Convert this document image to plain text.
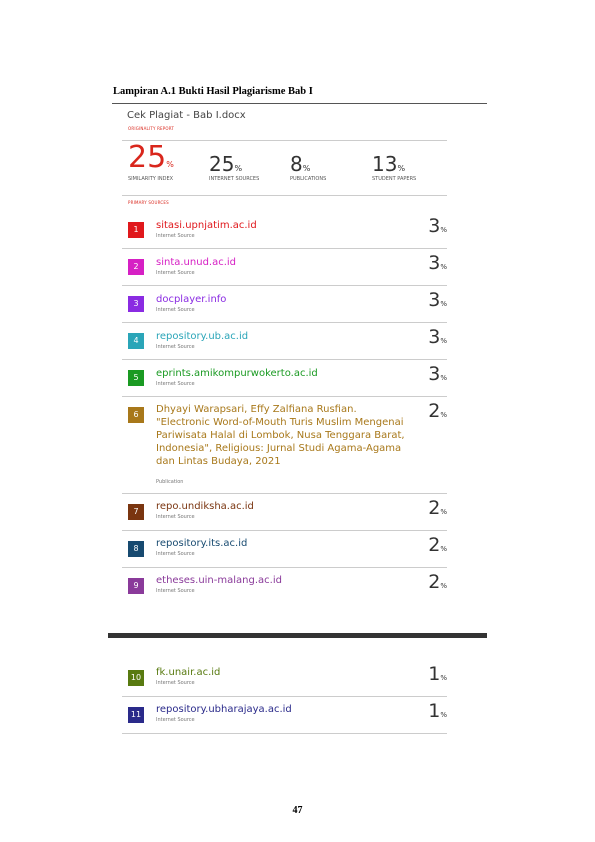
Lampiran A.1 Bukti Hasil Plagiarisme Bab I
Cek Plagiat - Bab I.docx
ORIGINALITY REPORT
25%
SIMILARITY INDEX
25%
INTERNET SOURCES
8%
PUBLICATIONS
13%
STUDENT PAPERS
PRIMARY SOURCES
1	sitasi.upnjatim.ac.id
Internet Source	3%
2	sinta.unud.ac.id
Internet Source	3%
3	docplayer.info
Internet Source	3%
4	repository.ub.ac.id
Internet Source	3%
5	eprints.amikompurwokerto.ac.id
Internet Source	3%
6	Dhyayi Warapsari, Effy Zalfiana Rusfian. "Electronic Word-of-Mouth Turis Muslim Mengenai Pariwisata Halal di Lombok, Nusa Tenggara Barat, Indonesia", Religious: Jurnal Studi Agama-Agama dan Lintas Budaya, 2021
Publication
2%
7	repo.undiksha.ac.id
Internet Source	2%
8	repository.its.ac.id
Internet Source	2%
9	etheses.uin-malang.ac.id
Internet Source	2%
10 fk.unair.ac.id
Internet Source	1%
11 repository.ubharajaya.ac.id
Internet Source	1%
47
